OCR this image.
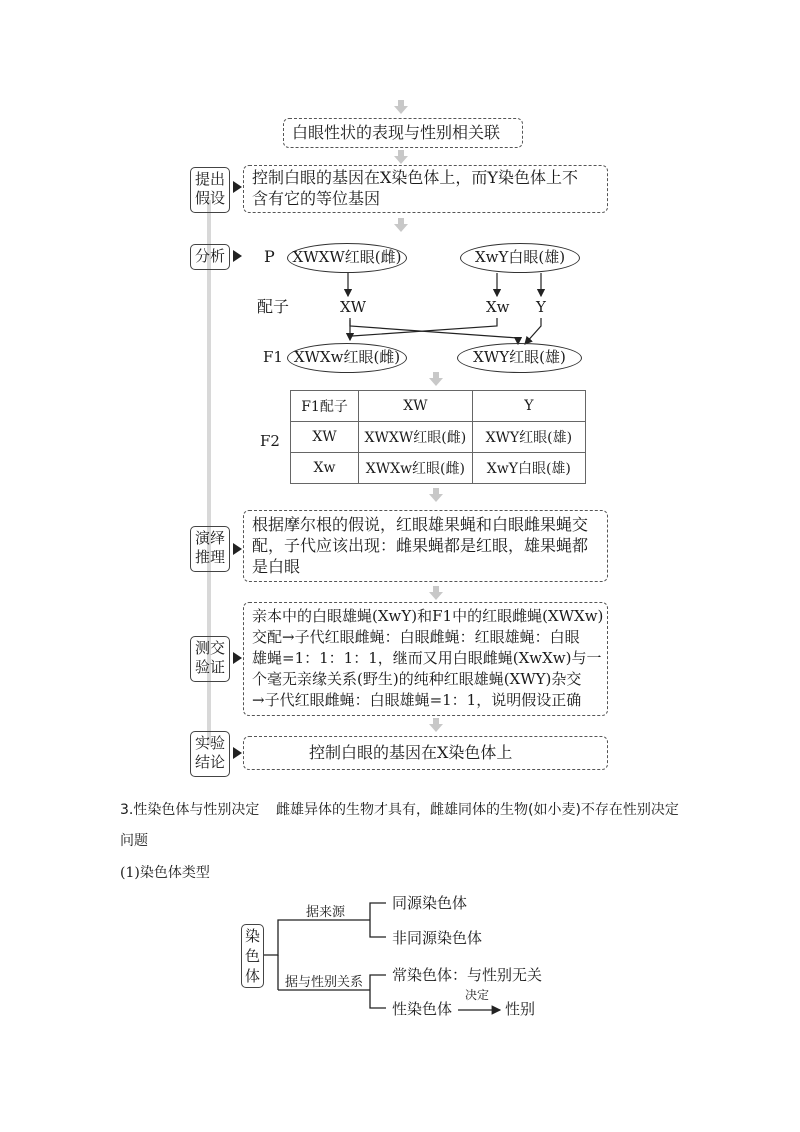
白眼性状的表现与性别相关联
提出
假设
控制白眼的基因在X染色体上，而Y染色体上不
含有它的等位基因
分析	P	XWXW红眼(雌)	XwY白眼(雄)
配子	XW	Xw Y
F1 XWXw红眼(雌)	XWY红眼(雄)
F2
F1配子	XW	Y
XW	XWXW红眼(雌)	XWY红眼(雄)
Xw	XWXw红眼(雌)	XwY白眼(雄)
演绎
推理
根据摩尔根的假说，红眼雄果蝇和白眼雌果蝇交
配，子代应该出现：雌果蝇都是红眼，雄果蝇都
是白眼
测交
验证
亲本中的白眼雄蝇(XwY)和F1中的红眼雌蝇(XWXw)
交配→子代红眼雌蝇：白眼雌蝇：红眼雄蝇：白眼
雄蝇=1：1：1：1，继而又用白眼雌蝇(XwXw)与一
个毫无亲缘关系(野生)的纯种红眼雄蝇(XWY)杂交
→子代红眼雌蝇：白眼雄蝇=1：1，说明假设正确
实验
结论	控制白眼的基因在X染色体上
3.性染色体与性别决定 雌雄异体的生物才具有，雌雄同体的生物(如小麦)不存在性别决定
问题
(1)染色体类型
染
色
体
据来源
据与性别关系
同源染色体
非同源染色体
常染色体：与性别无关
性染色体
决定
性别
